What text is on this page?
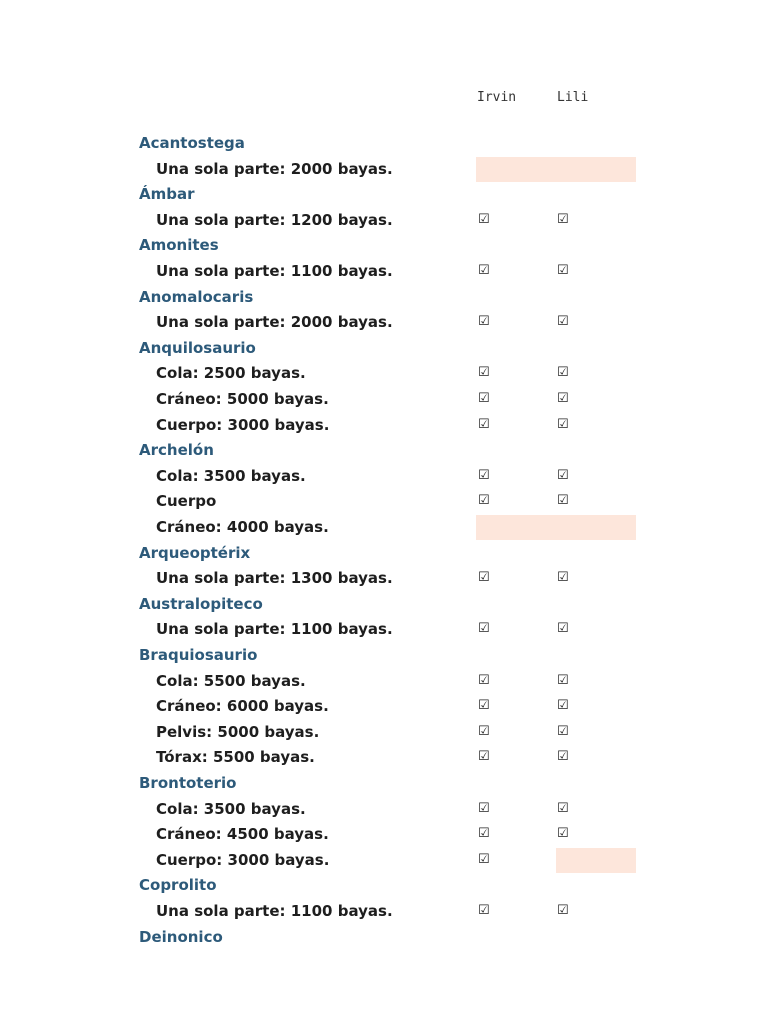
Irvin	Lili
Acantostega
Una sola parte: 2000 bayas.
Ámbar
Una sola parte: 1200 bayas.	☑	☑
Amonites
Una sola parte: 1100 bayas.	☑	☑
Anomalocaris
Una sola parte: 2000 bayas.	☑	☑
Anquilosaurio
Cola: 2500 bayas.	☑	☑
Cráneo: 5000 bayas.	☑	☑
Cuerpo: 3000 bayas.	☑	☑
Archelón
Cola: 3500 bayas.	☑	☑
Cuerpo	☑	☑
Cráneo: 4000 bayas.
Arqueoptérix
Una sola parte: 1300 bayas.	☑	☑
Australopiteco
Una sola parte: 1100 bayas.	☑	☑
Braquiosaurio
Cola: 5500 bayas.	☑	☑
Cráneo: 6000 bayas.	☑	☑
Pelvis: 5000 bayas.	☑	☑
Tórax: 5500 bayas.	☑	☑
Brontoterio
Cola: 3500 bayas.	☑	☑
Cráneo: 4500 bayas.	☑	☑
Cuerpo: 3000 bayas.	☑
Coprolito
Una sola parte: 1100 bayas.	☑	☑
Deinonico
